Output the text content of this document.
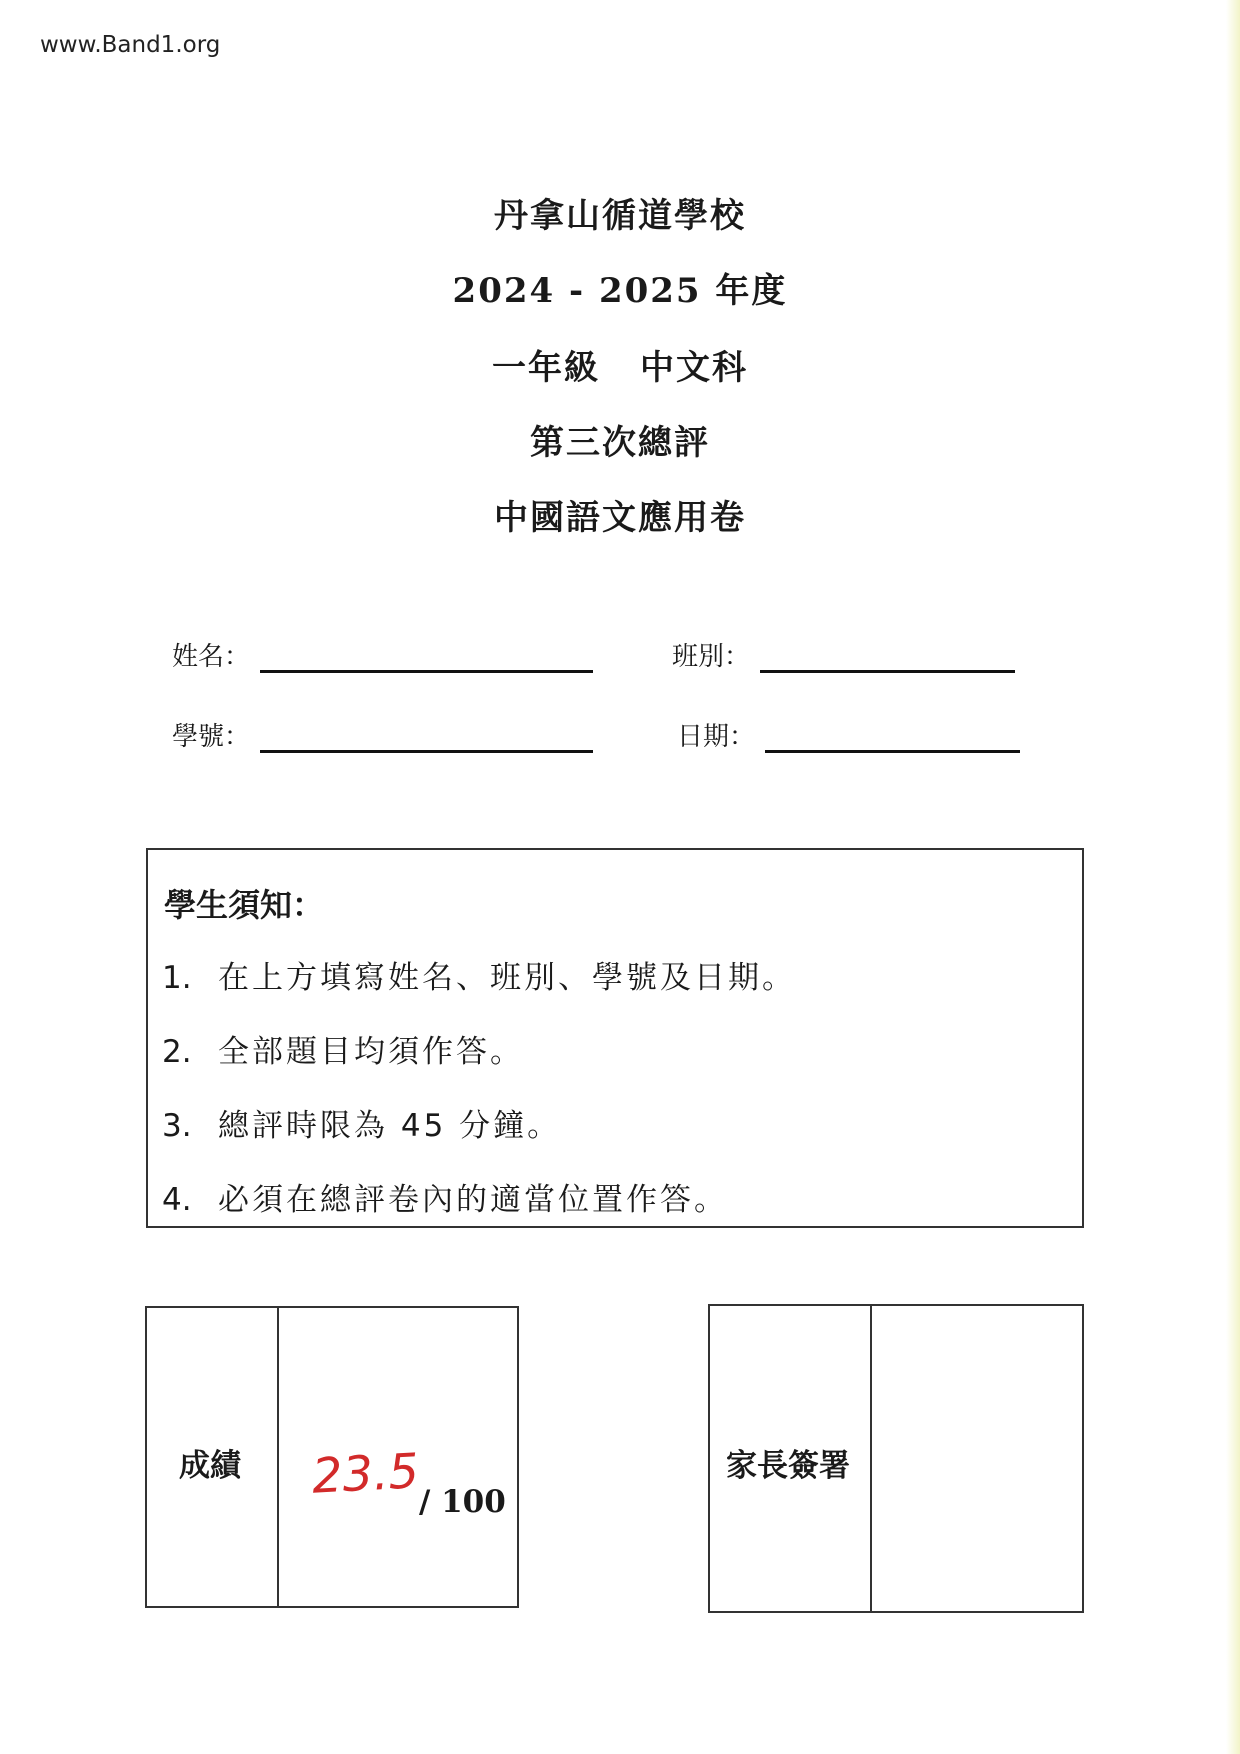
www.Band1.org
丹拿山循道學校
2024 - 2025 年度
一年級 中文科
第三次總評
中國語文應用卷
姓名：	班別：
學號：	日期：
學生須知：
1. 在上方填寫姓名、班別、學號及日期。
2. 全部題目均須作答。
3. 總評時限為 45 分鐘。
4. 必須在總評卷內的適當位置作答。
成績 23.5
/ 100
家長簽署
